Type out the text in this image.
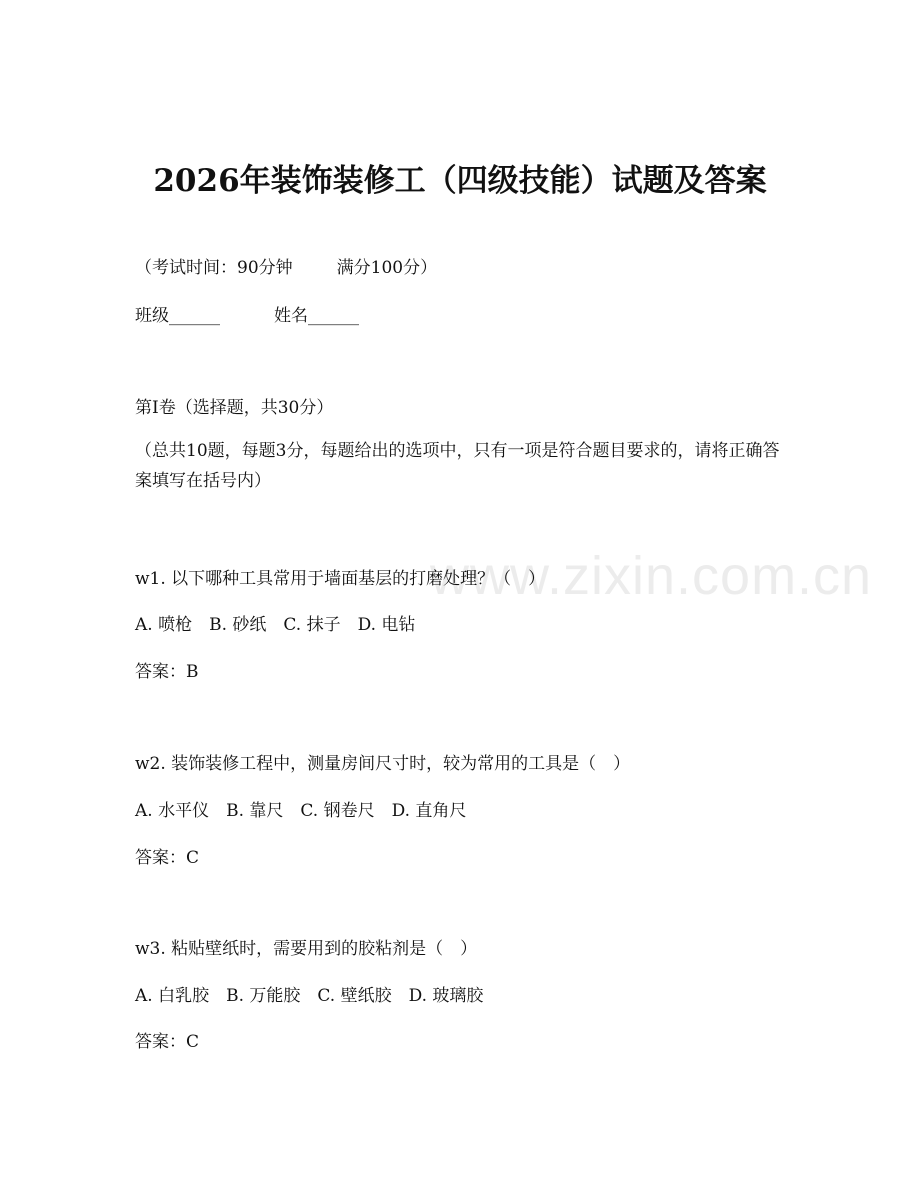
www.zixin.com.cn
2026年装饰装修工（四级技能）试题及答案
（考试时间：90分钟	满分100分）
班级______	姓名______
第Ⅰ卷（选择题，共30分）
（总共10题，每题3分，每题给出的选项中，只有一项是符合题目要求的，请将正确答案填写在括号内）
w1. 以下哪种工具常用于墙面基层的打磨处理？（　）
A. 喷枪　B. 砂纸　C. 抹子　D. 电钻
答案：B
w2. 装饰装修工程中，测量房间尺寸时，较为常用的工具是（　）
A. 水平仪　B. 靠尺　C. 钢卷尺　D. 直角尺
答案：C
w3. 粘贴壁纸时，需要用到的胶粘剂是（　）
A. 白乳胶　B. 万能胶　C. 壁纸胶　D. 玻璃胶
答案：C
